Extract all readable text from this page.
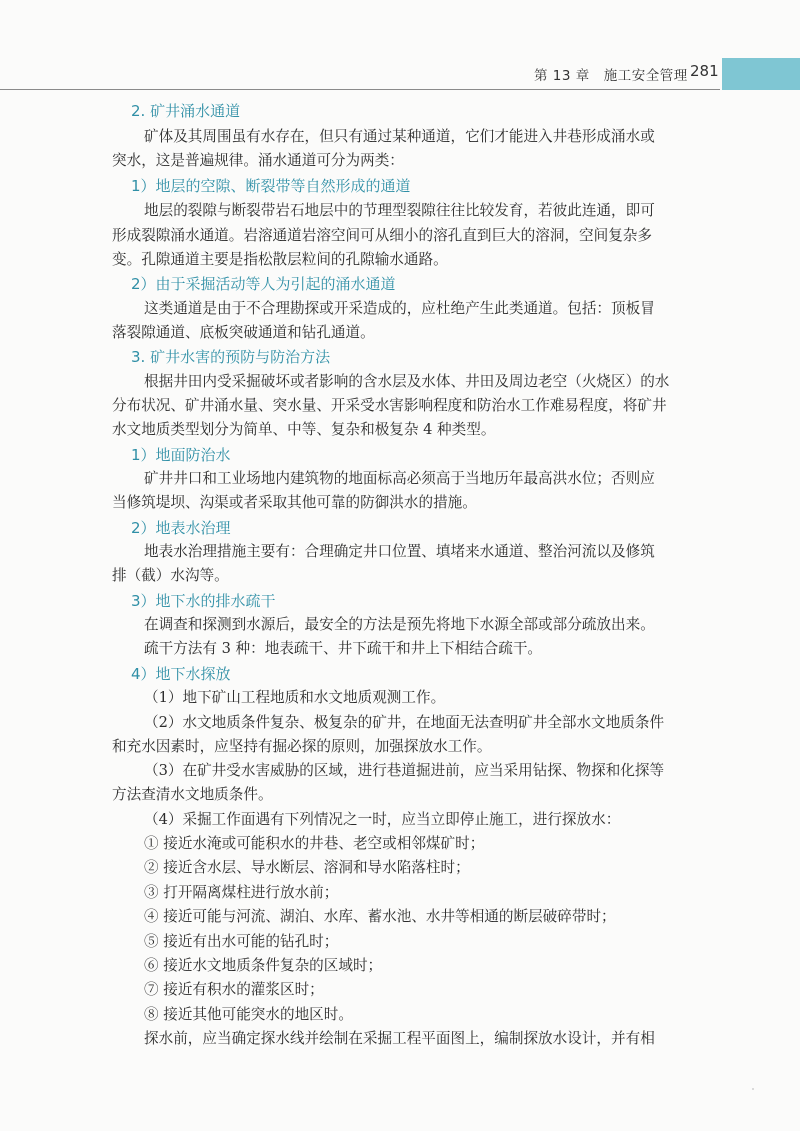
第 13 章　施工安全管理 281
2. 矿井涌水通道
矿体及其周围虽有水存在，但只有通过某种通道，它们才能进入井巷形成涌水或
突水，这是普遍规律。涌水通道可分为两类：
1）地层的空隙、断裂带等自然形成的通道
地层的裂隙与断裂带岩石地层中的节理型裂隙往往比较发育，若彼此连通，即可
形成裂隙涌水通道。岩溶通道岩溶空间可从细小的溶孔直到巨大的溶洞，空间复杂多
变。孔隙通道主要是指松散层粒间的孔隙输水通路。
2）由于采掘活动等人为引起的涌水通道
这类通道是由于不合理勘探或开采造成的，应杜绝产生此类通道。包括：顶板冒
落裂隙通道、底板突破通道和钻孔通道。
3. 矿井水害的预防与防治方法
根据井田内受采掘破坏或者影响的含水层及水体、井田及周边老空（火烧区）的水
分布状况、矿井涌水量、突水量、开采受水害影响程度和防治水工作难易程度，将矿井
水文地质类型划分为简单、中等、复杂和极复杂 4 种类型。
1）地面防治水
矿井井口和工业场地内建筑物的地面标高必须高于当地历年最高洪水位；否则应
当修筑堤坝、沟渠或者采取其他可靠的防御洪水的措施。
2）地表水治理
地表水治理措施主要有：合理确定井口位置、填堵来水通道、整治河流以及修筑
排（截）水沟等。
3）地下水的排水疏干
在调查和探测到水源后，最安全的方法是预先将地下水源全部或部分疏放出来。
疏干方法有 3 种：地表疏干、井下疏干和井上下相结合疏干。
4）地下水探放
（1）地下矿山工程地质和水文地质观测工作。
（2）水文地质条件复杂、极复杂的矿井，在地面无法查明矿井全部水文地质条件
和充水因素时，应坚持有掘必探的原则，加强探放水工作。
（3）在矿井受水害威胁的区域，进行巷道掘进前，应当采用钻探、物探和化探等
方法查清水文地质条件。
（4）采掘工作面遇有下列情况之一时，应当立即停止施工，进行探放水：
① 接近水淹或可能积水的井巷、老空或相邻煤矿时；
② 接近含水层、导水断层、溶洞和导水陷落柱时；
③ 打开隔离煤柱进行放水前；
④ 接近可能与河流、湖泊、水库、蓄水池、水井等相通的断层破碎带时；
⑤ 接近有出水可能的钻孔时；
⑥ 接近水文地质条件复杂的区域时；
⑦ 接近有积水的灌浆区时；
⑧ 接近其他可能突水的地区时。
探水前，应当确定探水线并绘制在采掘工程平面图上，编制探放水设计，并有相
